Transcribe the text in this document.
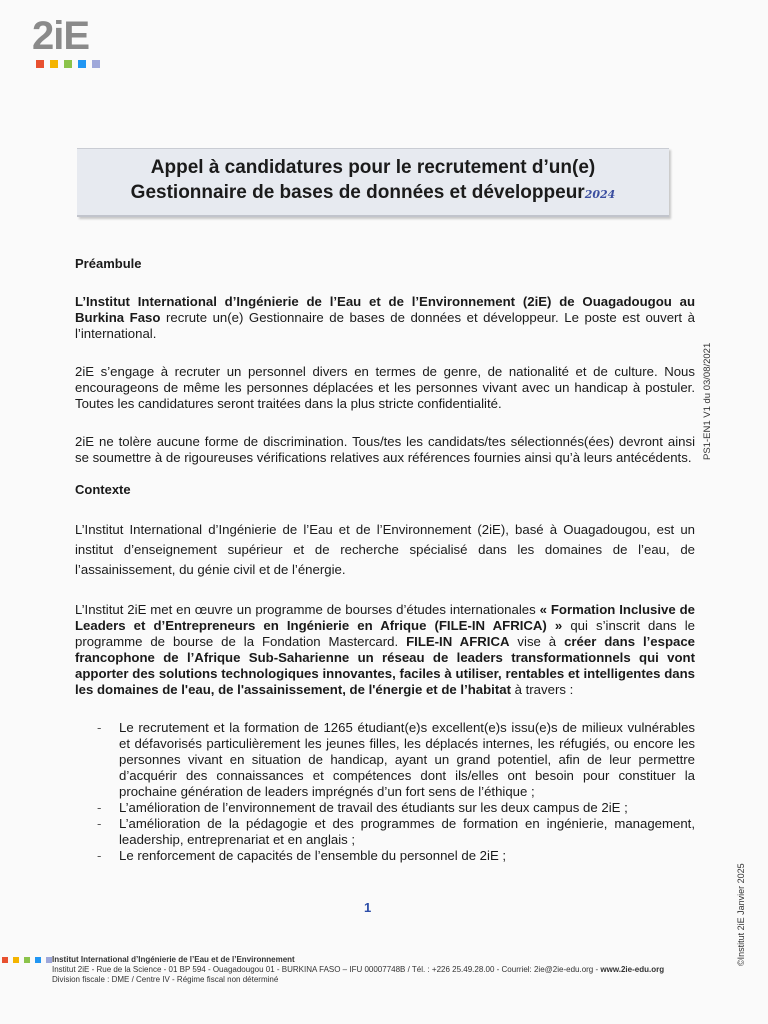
2iE
Appel à candidatures pour le recrutement d’un(e)
Gestionnaire de bases de données et développeur2024
PS1-EN1 V1 du 03/08/2021

Préambule

L’Institut International d’Ingénierie de l’Eau et de l’Environnement (2iE) de Ouagadougou au Burkina Faso recrute un(e) Gestionnaire de bases de données et développeur. Le poste est ouvert à l’international.

2iE s’engage à recruter un personnel divers en termes de genre, de nationalité et de culture. Nous encourageons de même les personnes déplacées et les personnes vivant avec un handicap à postuler. Toutes les candidatures seront traitées dans la plus stricte confidentialité.

2iE ne tolère aucune forme de discrimination. Tous/tes les candidats/tes sélectionnés(ées) devront ainsi se soumettre à de rigoureuses vérifications relatives aux références fournies ainsi qu’à leurs antécédents.

Contexte

L’Institut International d’Ingénierie de l’Eau et de l’Environnement (2iE), basé à Ouagadougou, est un institut d’enseignement supérieur et de recherche spécialisé dans les domaines de l’eau, de l’assainissement, du génie civil et de l’énergie.

L’Institut 2iE met en œuvre un programme de bourses d’études internationales « Formation Inclusive de Leaders et d’Entrepreneurs en Ingénierie en Afrique (FILE-IN AFRICA) » qui s’inscrit dans le programme de bourse de la Fondation Mastercard. FILE-IN AFRICA vise à créer dans l’espace francophone de l’Afrique Sub-Saharienne un réseau de leaders transformationnels qui vont apporter des solutions technologiques innovantes, faciles à utiliser, rentables et intelligentes dans les domaines de l'eau, de l'assainissement, de l'énergie et de l’habitat à travers :

- Le recrutement et la formation de 1265 étudiant(e)s excellent(e)s issu(e)s de milieux vulnérables et défavorisés particulièrement les jeunes filles, les déplacés internes, les réfugiés, ou encore les personnes vivant en situation de handicap, ayant un grand potentiel, afin de leur permettre d’acquérir des connaissances et compétences dont ils/elles ont besoin pour constituer la prochaine génération de leaders imprégnés d’un fort sens de l’éthique ;
- L’amélioration de l’environnement de travail des étudiants sur les deux campus de 2iE ;
- L’amélioration de la pédagogie et des programmes de formation en ingénierie, management, leadership, entreprenariat et en anglais ;
- Le renforcement de capacités de l’ensemble du personnel de 2iE ;
1	©Institut 2iE Janvier 2025
Institut International d’Ingénierie de l’Eau et de l’Environnement
Institut 2iE - Rue de la Science - 01 BP 594 - Ouagadougou 01 - BURKINA FASO – IFU 00007748B / Tél. : +226 25.49.28.00 - Courriel: 2ie@2ie-edu.org - www.2ie-edu.org
Division fiscale : DME / Centre IV - Régime fiscal non déterminé
